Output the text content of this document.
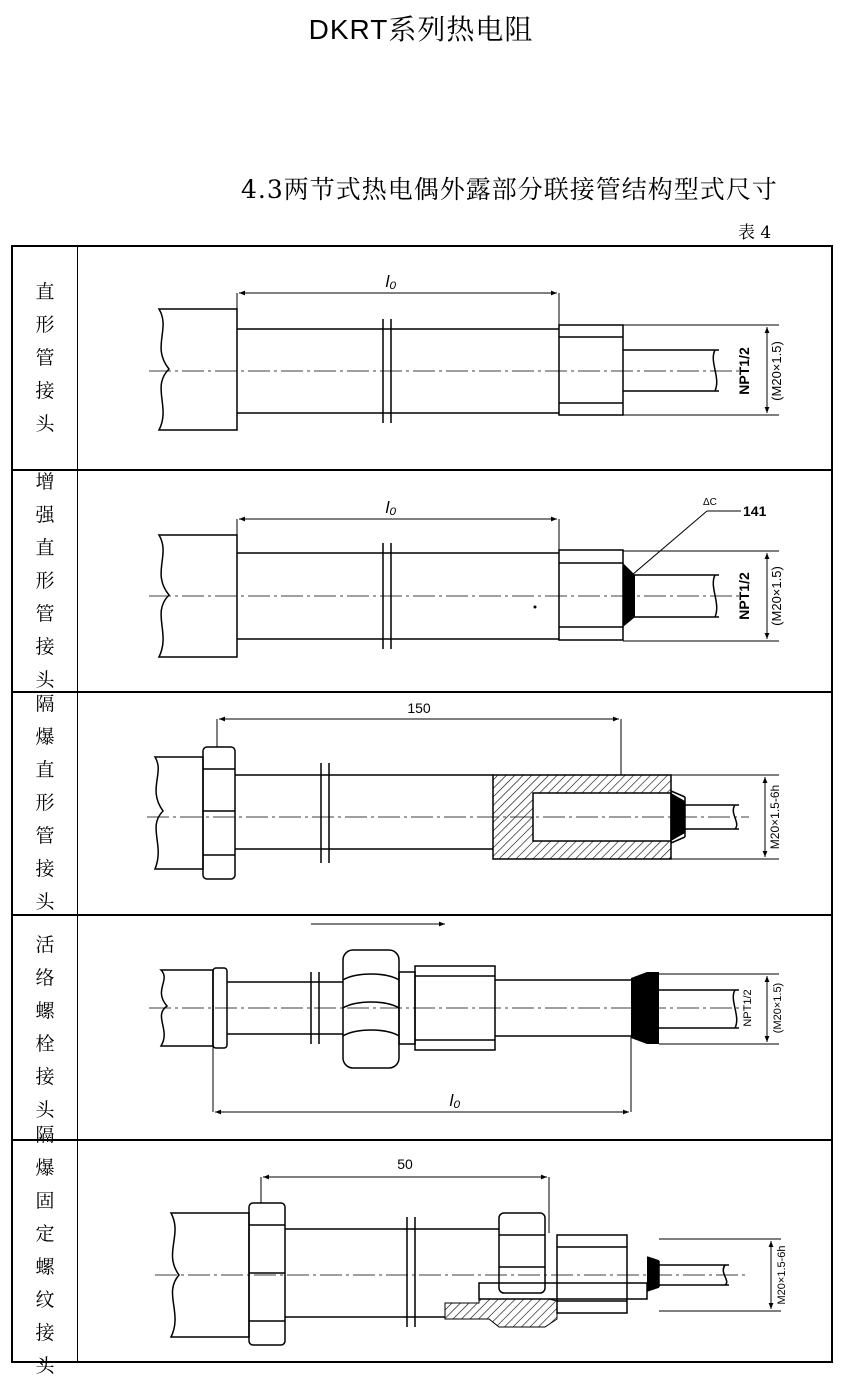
DKRT系列热电阻
4.3两节式热电偶外露部分联接管结构型式尺寸
表 4
直
形
管
接
头
l₀
NPT1/2 (M20×1.5)
增
强
直
形
管
接
头
l₀	ΔC
141
NPT1/2 (M20×1.5)
隔
爆
直
形
管
接
头
150
M20×1.5-6h
活
络
螺
栓
接
头	l₀
NPT1/2 (M20×1.5)
隔
爆
固
定
螺
纹
接
头
50
M20×1.5-6h
